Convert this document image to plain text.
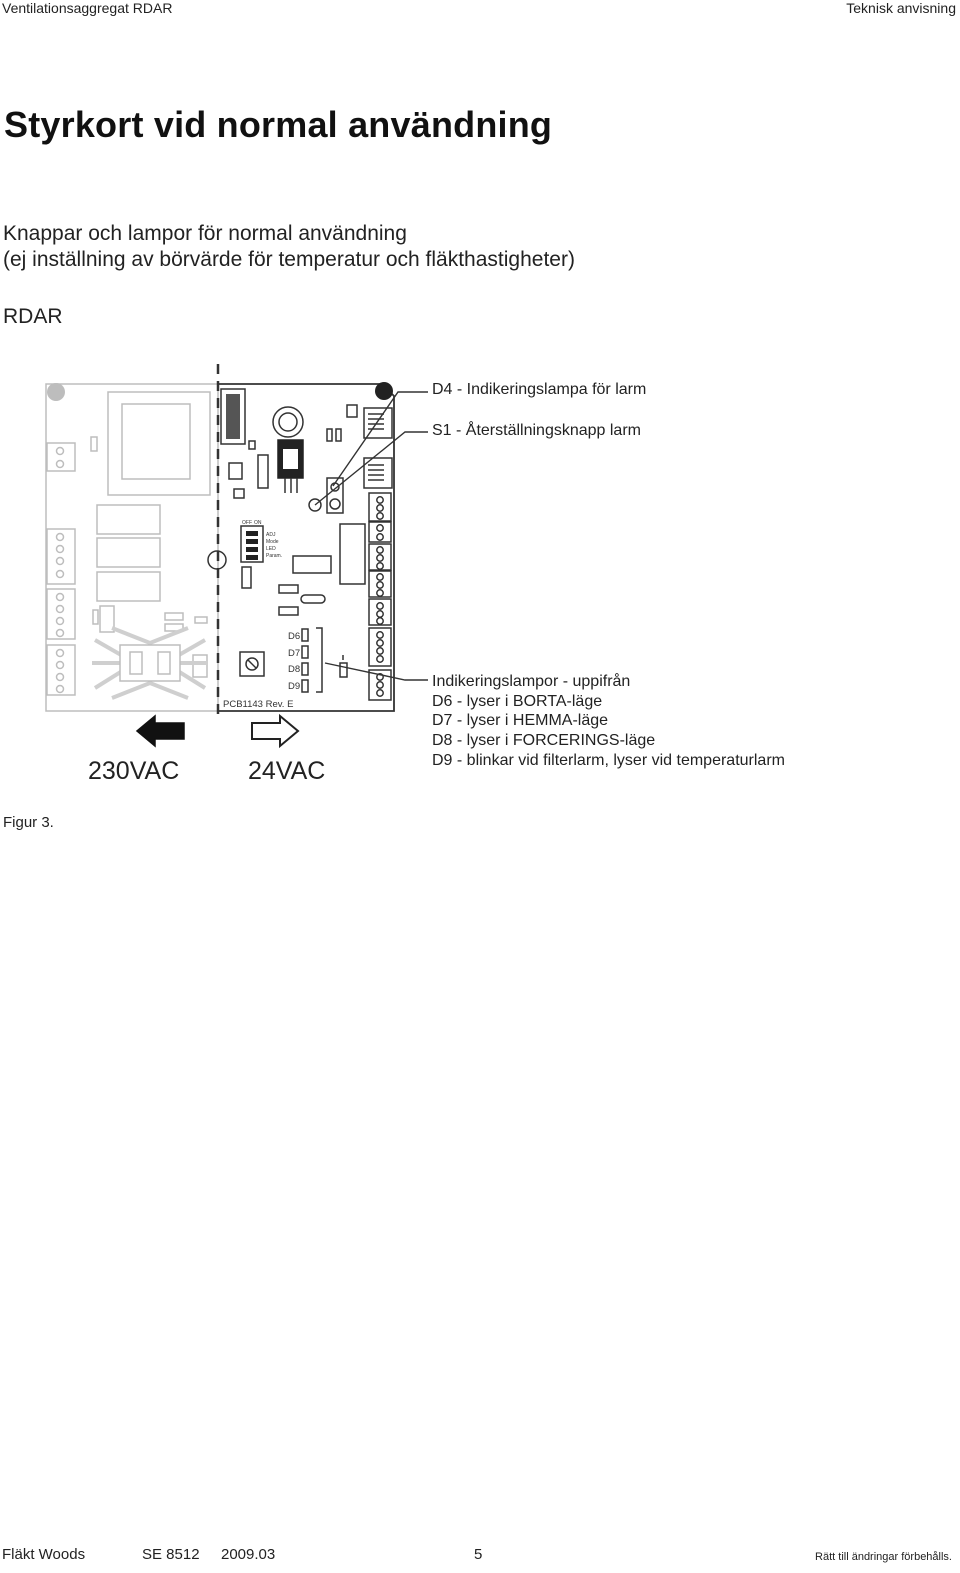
Ventilationsaggregat RDAR	Teknisk anvisning
Styrkort vid normal användning
Knappar och lampor för normal användning
(ej inställning av börvärde för temperatur och fläkthastigheter)
RDAR
OFF ON
ADJ
Mode
LED
Param.
D6
D7
D8
D9
PCB1143 Rev. E
D4 - Indikeringslampa för larm
S1 - Återställningsknapp larm
Indikeringslampor - uppifrån
D6 - lyser i BORTA-läge
D7 - lyser i HEMMA-läge
D8 - lyser i FORCERINGS-läge
D9 - blinkar vid filterlarm, lyser vid temperaturlarm
230VAC	24VAC
Figur 3.
Fläkt Woods	SE 8512 2009.03	5	Rätt till ändringar förbehålls.
